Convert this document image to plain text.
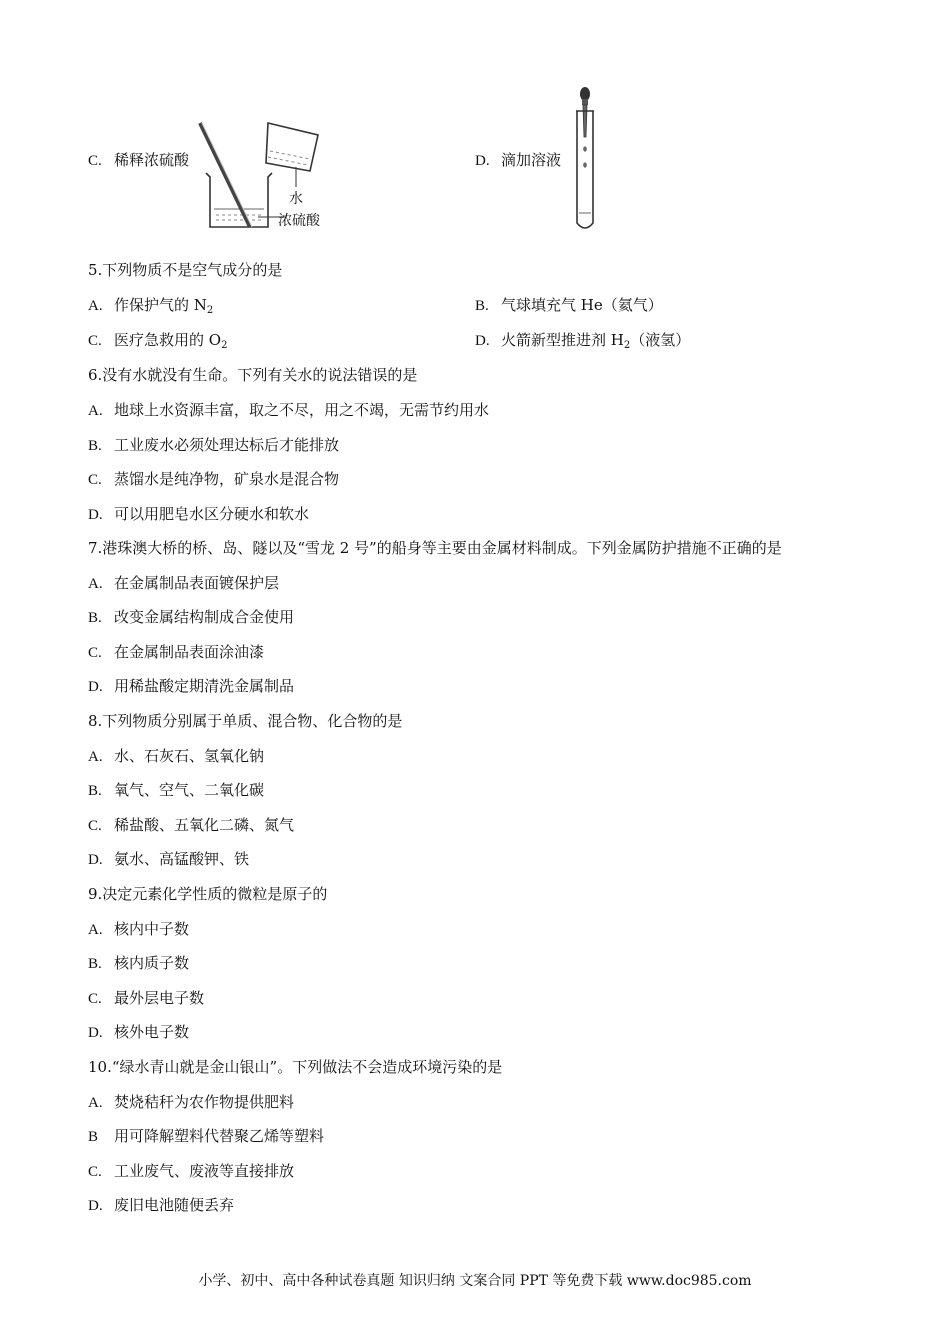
C. 稀释浓硫酸
水
浓硫酸
D. 滴加溶液
5.下列物质不是空气成分的是
A. 作保护气的 $N_2$	B. 气球填充气 He（氦气）
C. 医疗急救用的 $O_2$	D. 火箭新型推进剂 $H_2$（液氢）
6.没有水就没有生命。下列有关水的说法错误的是
A. 地球上水资源丰富，取之不尽，用之不竭，无需节约用水
B. 工业废水必须处理达标后才能排放
C. 蒸馏水是纯净物，矿泉水是混合物
D. 可以用肥皂水区分硬水和软水
7.港珠澳大桥的桥、岛、隧以及“雪龙 2 号”的船身等主要由金属材料制成。下列金属防护措施不正确的是
A. 在金属制品表面镀保护层
B. 改变金属结构制成合金使用
C. 在金属制品表面涂油漆
D. 用稀盐酸定期清洗金属制品
8.下列物质分别属于单质、混合物、化合物的是
A. 水、石灰石、氢氧化钠
B. 氧气、空气、二氧化碳
C. 稀盐酸、五氧化二磷、氮气
D. 氨水、高锰酸钾、铁
9.决定元素化学性质的微粒是原子的
A. 核内中子数
B. 核内质子数
C. 最外层电子数
D. 核外电子数
10.“绿水青山就是金山银山”。下列做法不会造成环境污染的是
A. 焚烧秸秆为农作物提供肥料
B 用可降解塑料代替聚乙烯等塑料
C. 工业废气、废液等直接排放
D. 废旧电池随便丢弃
小学、初中、高中各种试卷真题 知识归纳 文案合同 PPT 等免费下载 www.doc985.com
